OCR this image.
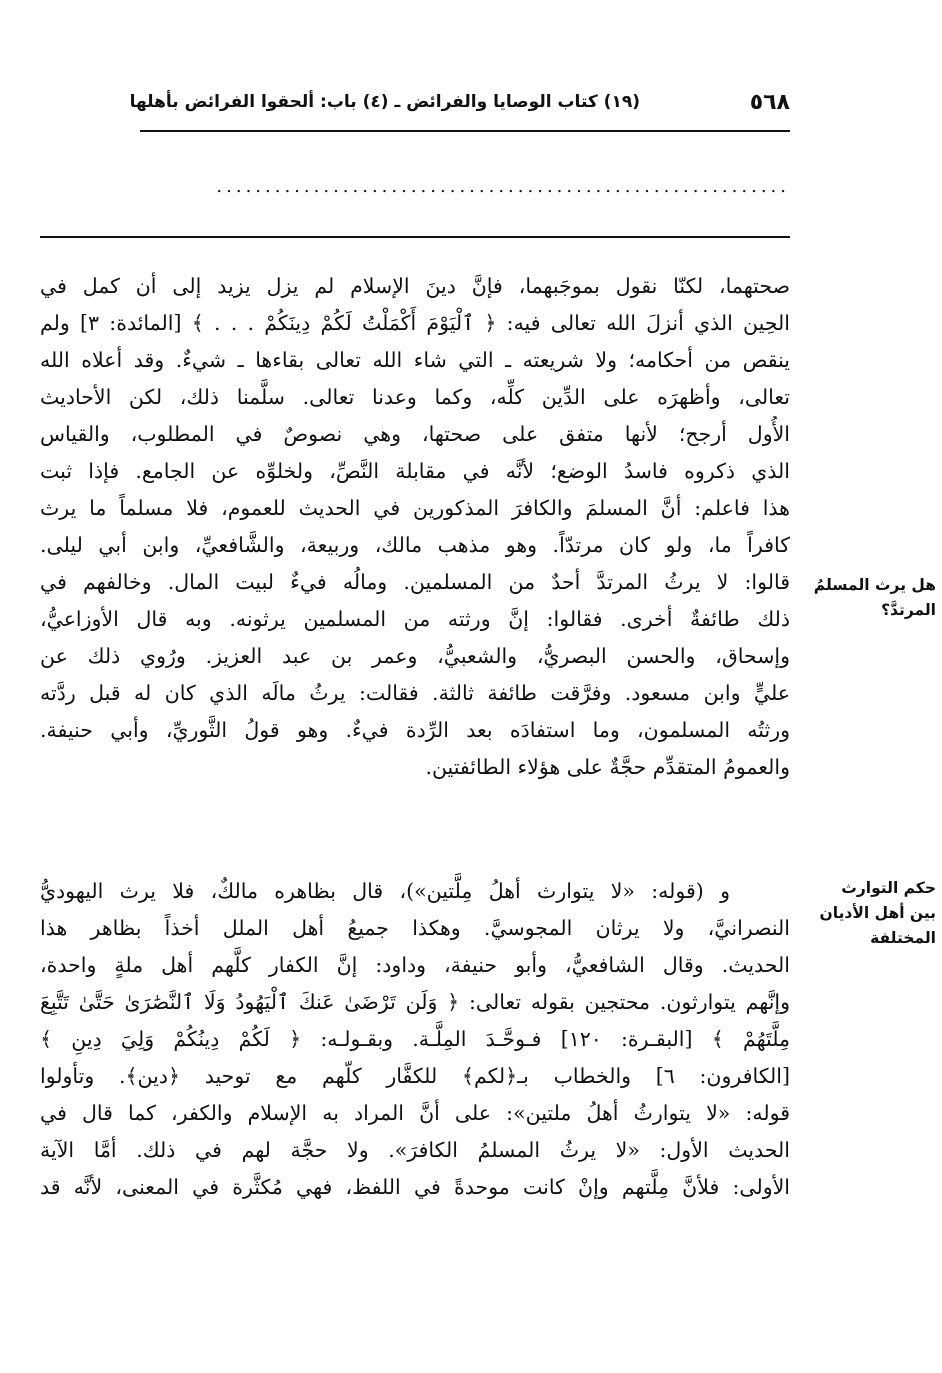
٥٦٨
(١٩) كتاب الوصايا والفرائض ـ (٤) باب: ألحقوا الفرائض بأهلها
...........................................................
صحتهما، لكنّا نقول بموجَبهما، فإنَّ دينَ الإسلام لم يزل يزيد إلى أن كمل في
الحِين الذي أنزلَ الله تعالى فيه: ﴿ ٱلْيَوْمَ أَكْمَلْتُ لَكُمْ دِينَكُمْ . . . ﴾ [المائدة: ٣] ولم
ينقص من أحكامه؛ ولا شريعته ـ التي شاء الله تعالى بقاءها ـ شيءٌ. وقد أعلاه الله
تعالى، وأظهرَه على الدِّين كلِّه، وكما وعدنا تعالى. سلَّمنا ذلك، لكن الأحاديث
الأُول أرجح؛ لأنها متفق على صحتها، وهي نصوصٌ في المطلوب، والقياس
الذي ذكروه فاسدُ الوضع؛ لأنَّه في مقابلة النَّصِّ، ولخلوِّه عن الجامع. فإذا ثبت
هذا فاعلم: أنَّ المسلمَ والكافرَ المذكورين في الحديث للعموم، فلا مسلماً ما يرث
كافراً ما، ولو كان مرتدّاً. وهو مذهب مالك، وربيعة، والشَّافعيِّ، وابن أبي ليلى.
قالوا: لا يرثُ المرتدَّ أحدٌ من المسلمين. ومالُه فيءٌ لبيت المال. وخالفهم في
ذلك طائفةٌ أخرى. فقالوا: إنَّ ورثته من المسلمين يرثونه. وبه قال الأوزاعيُّ،
وإسحاق، والحسن البصريُّ، والشعبيُّ، وعمر بن عبد العزيز. ورُوي ذلك عن
عليٍّ وابن مسعود. وفرَّقت طائفة ثالثة. فقالت: يرثُ مالَه الذي كان له قبل ردَّته
ورثتُه المسلمون، وما استفادَه بعد الرِّدة فيءٌ. وهو قولُ الثَّوريِّ، وأبي حنيفة.
والعمومُ المتقدِّم حجَّةٌ على هؤلاء الطائفتين.
هل يرث المسلمُ
المرتدَّ؟
و (قوله: «لا يتوارث أهلُ مِلَّتين»)، قال بظاهره مالكٌ، فلا يرث اليهوديُّ
النصرانيَّ، ولا يرثان المجوسيَّ. وهكذا جميعُ أهل الملل أخذاً بظاهر هذا
الحديث. وقال الشافعيُّ، وأبو حنيفة، وداود: إنَّ الكفار كلَّهم أهل ملةٍ واحدة،
وإنَّهم يتوارثون. محتجين بقوله تعالى: ﴿ وَلَن تَرْضَىٰ عَنكَ ٱلْيَهُودُ وَلَا ٱلنَّصَٰرَىٰ حَتَّىٰ تَتَّبِعَ
مِلَّتَهُمْ ﴾ [البقـرة: ١٢٠] فـوحَّـدَ المِلَّـة. وبقـولـه: ﴿ لَكُمْ دِينُكُمْ وَلِيَ دِينِ ﴾
[الكافرون: ٦] والخطاب بـ﴿لكم﴾ للكفَّار كلّهم مع توحيد ﴿دين﴾. وتأولوا
قوله: «لا يتوارثُ أهلُ ملتين»: على أنَّ المراد به الإسلام والكفر، كما قال في
الحديث الأول: «لا يرثُ المسلمُ الكافرَ». ولا حجَّة لهم في ذلك. أمَّا الآية
الأولى: فلأنَّ مِلَّتهم وإنْ كانت موحدةً في اللفظ، فهي مُكثَّرة في المعنى، لأنَّه قد
حكم التوارث
بين أهل الأديان
المختلفة
